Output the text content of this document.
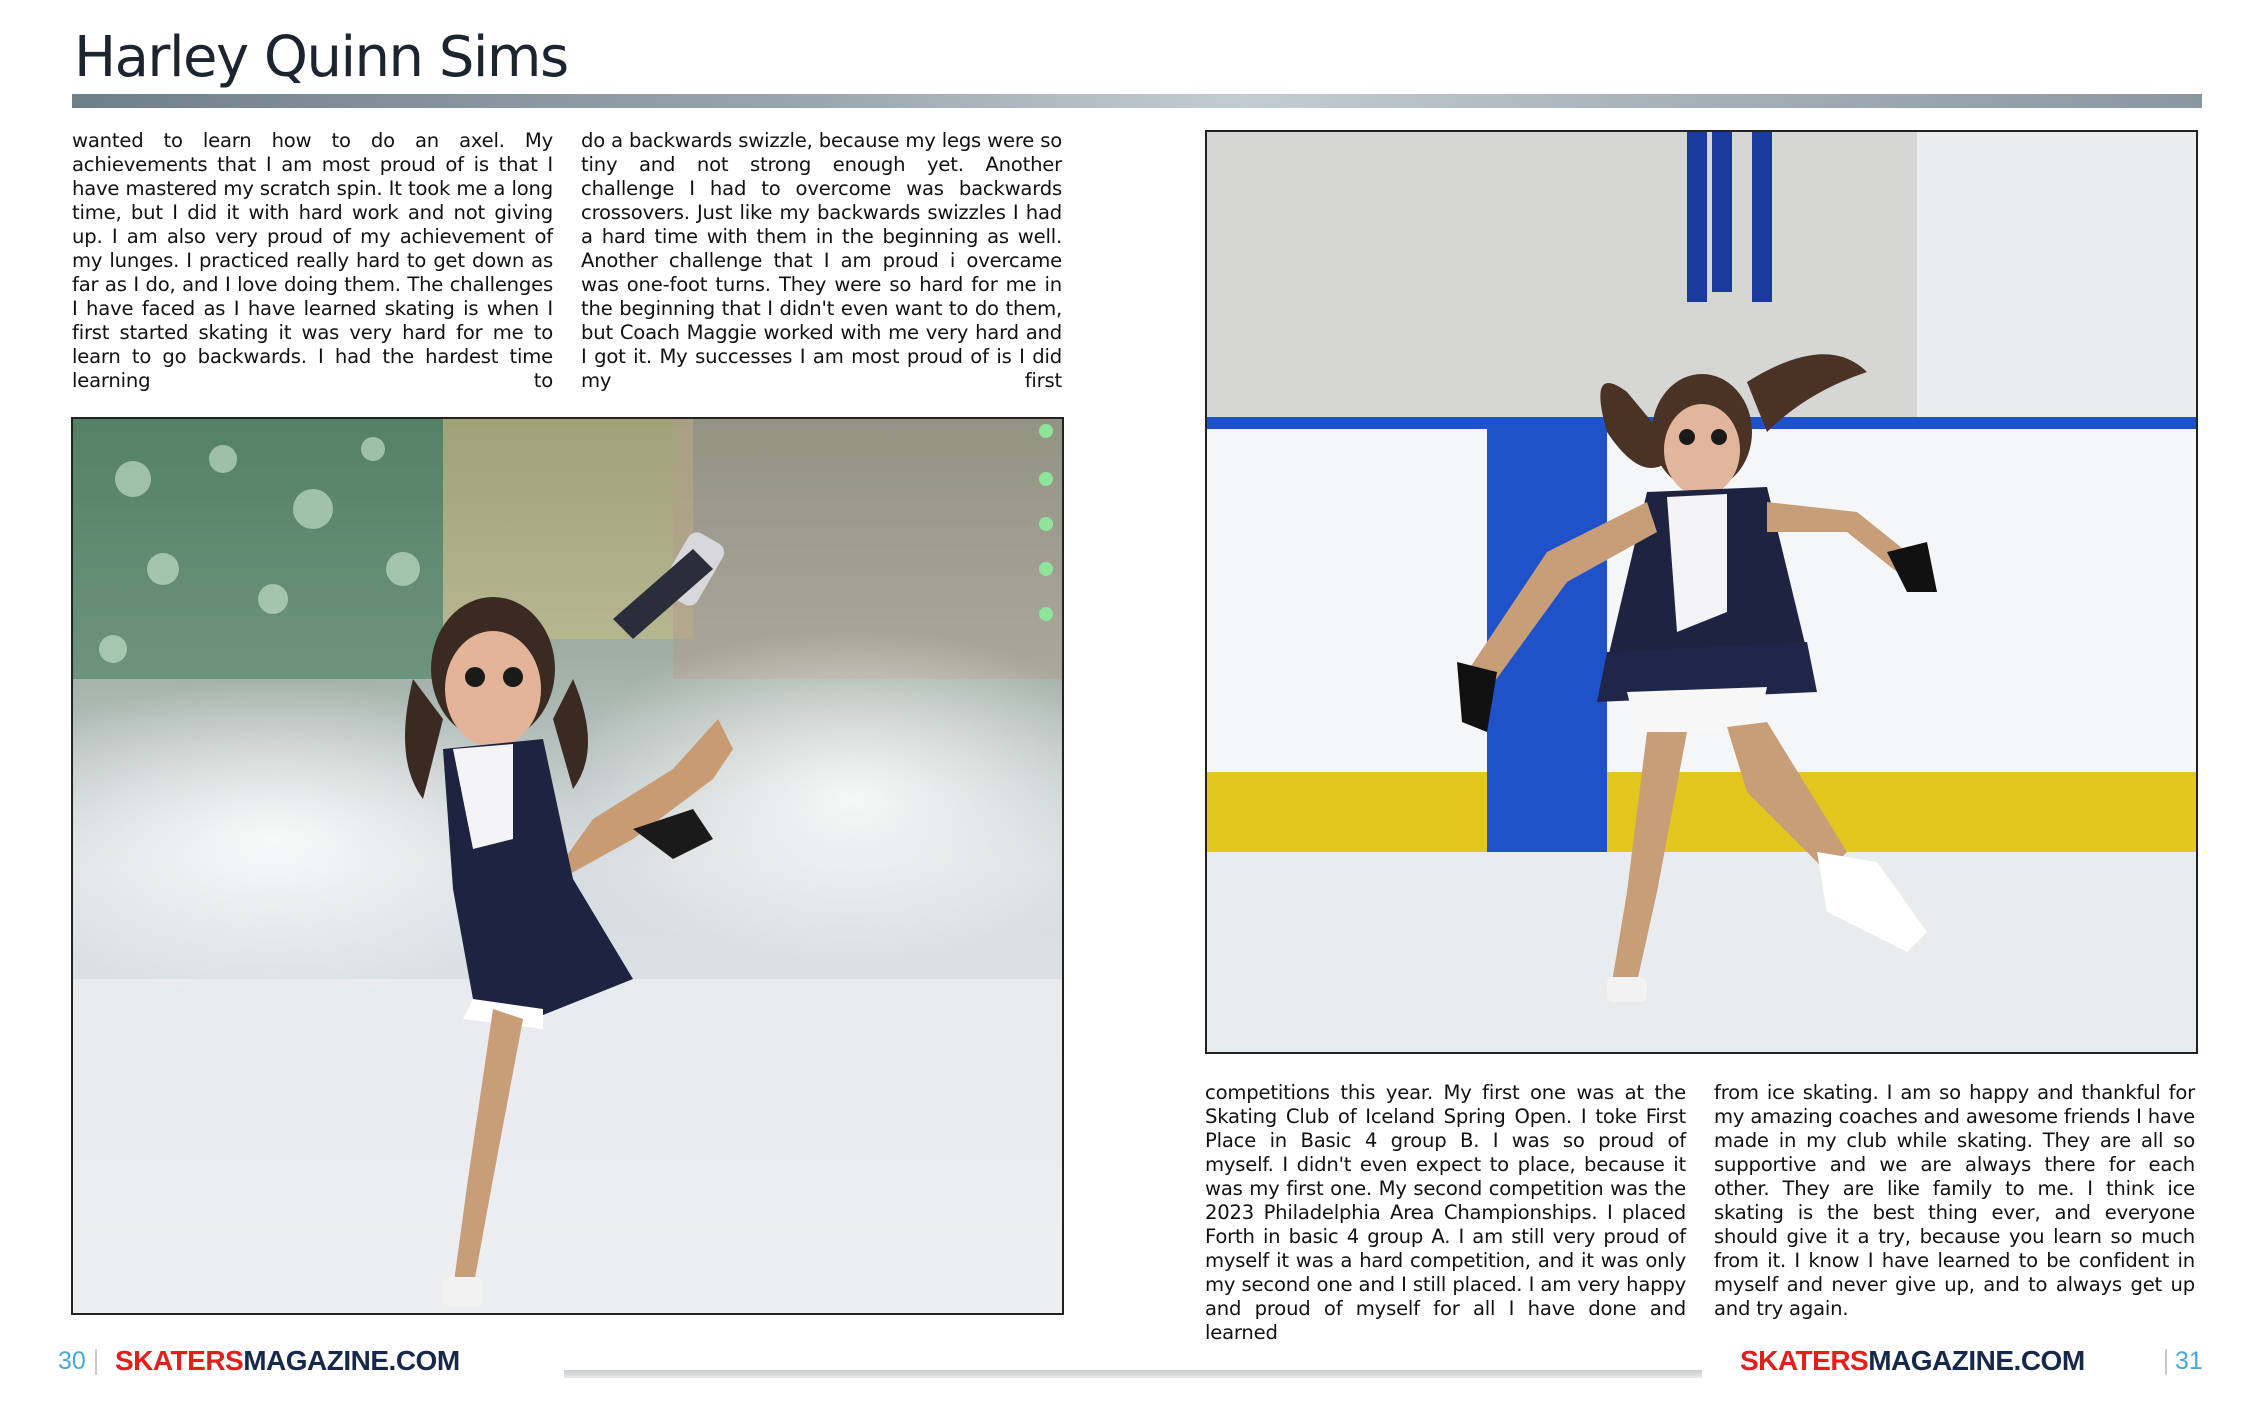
Harley Quinn Sims

wanted to learn how to do an axel. My achievements that I am most proud of is that I have mastered my scratch spin. It took me a long time, but I did it with hard work and not giving up. I am also very proud of my achievement of my lunges. I practiced really hard to get down as far as I do, and I love doing them. The challenges I have faced as I have learned skating is when I first started skating it was very hard for me to learn to go backwards. I had the hardest time learning to

do a backwards swizzle, because my legs were so tiny and not strong enough yet. Another challenge I had to overcome was backwards crossovers. Just like my backwards swizzles I had a hard time with them in the beginning as well. Another challenge that I am proud i overcame was one-foot turns. They were so hard for me in the beginning that I didn't even want to do them, but Coach Maggie worked with me very hard and I got it. My successes I am most proud of is I did my first

competitions this year. My first one was at the Skating Club of Iceland Spring Open. I toke First Place in Basic 4 group B. I was so proud of myself. I didn't even expect to place, because it was my first one. My second competition was the 2023 Philadelphia Area Championships. I placed Forth in basic 4 group A. I am still very proud of myself it was a hard competition, and it was only my second one and I still placed. I am very happy and proud of myself for all I have done and learned

from ice skating. I am so happy and thankful for my amazing coaches and awesome friends I have made in my club while skating. They are all so supportive and we are always there for each other. They are like family to me. I think ice skating is the best thing ever, and everyone should give it a try, because you learn so much from it. I know I have learned to be confident in myself and never give up, and to always get up and try again.

30 SKATERSMAGAZINE.COM	SKATERSMAGAZINE.COM	31
